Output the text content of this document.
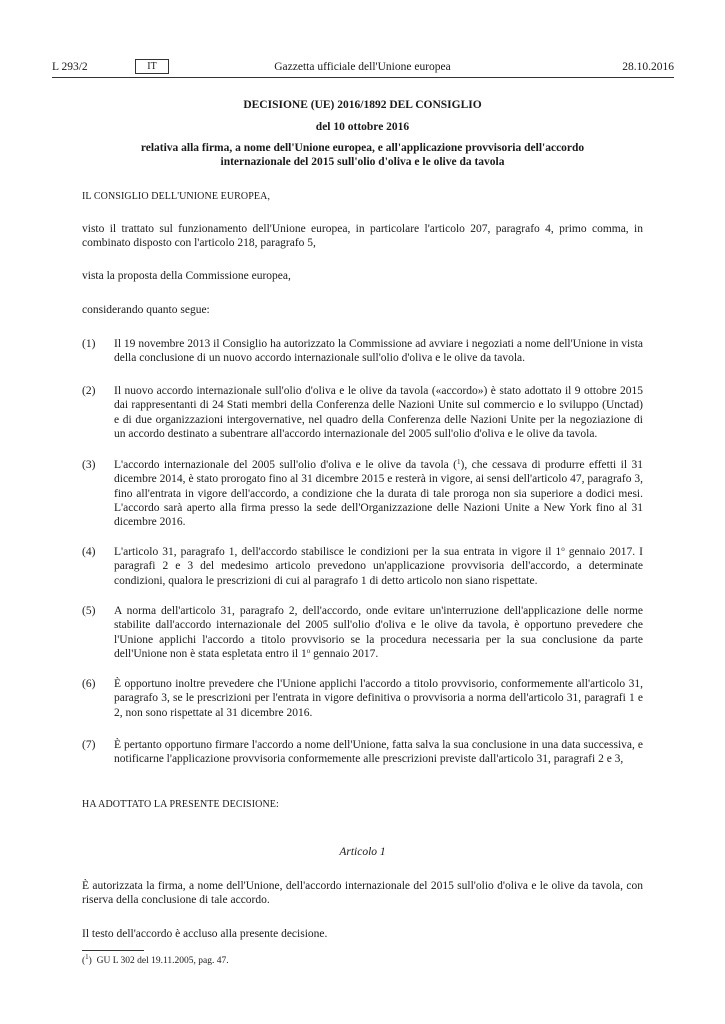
L 293/2	IT	Gazzetta ufficiale dell'Unione europea	28.10.2016
DECISIONE (UE) 2016/1892 DEL CONSIGLIO
del 10 ottobre 2016
relativa alla firma, a nome dell'Unione europea, e all'applicazione provvisoria dell'accordo
internazionale del 2015 sull'olio d'oliva e le olive da tavola
IL CONSIGLIO DELL'UNIONE EUROPEA,
visto il trattato sul funzionamento dell'Unione europea, in particolare l'articolo 207, paragrafo 4, primo comma, in combinato disposto con l'articolo 218, paragrafo 5,
vista la proposta della Commissione europea,
considerando quanto segue:
(1) Il 19 novembre 2013 il Consiglio ha autorizzato la Commissione ad avviare i negoziati a nome dell'Unione in vista della conclusione di un nuovo accordo internazionale sull'olio d'oliva e le olive da tavola.
(2) Il nuovo accordo internazionale sull'olio d'oliva e le olive da tavola («accordo») è stato adottato il 9 ottobre 2015 dai rappresentanti di 24 Stati membri della Conferenza delle Nazioni Unite sul commercio e lo sviluppo (Unctad) e di due organizzazioni intergovernative, nel quadro della Conferenza delle Nazioni Unite per la negoziazione di un accordo destinato a subentrare all'accordo internazionale del 2005 sull'olio d'oliva e le olive da tavola.
(3) L'accordo internazionale del 2005 sull'olio d'oliva e le olive da tavola ($^1$), che cessava di produrre effetti il 31 dicembre 2014, è stato prorogato fino al 31 dicembre 2015 e resterà in vigore, ai sensi dell'articolo 47, paragrafo 3, fino all'entrata in vigore dell'accordo, a condizione che la durata di tale proroga non sia superiore a dodici mesi. L'accordo sarà aperto alla firma presso la sede dell'Organizzazione delle Nazioni Unite a New York fino al 31 dicembre 2016.
(4) L'articolo 31, paragrafo 1, dell'accordo stabilisce le condizioni per la sua entrata in vigore il 1$^o$ gennaio 2017. I paragrafi 2 e 3 del medesimo articolo prevedono un'applicazione provvisoria dell'accordo, a determinate condizioni, qualora le prescrizioni di cui al paragrafo 1 di detto articolo non siano rispettate.
(5) A norma dell'articolo 31, paragrafo 2, dell'accordo, onde evitare un'interruzione dell'applicazione delle norme stabilite dall'accordo internazionale del 2005 sull'olio d'oliva e le olive da tavola, è opportuno prevedere che l'Unione applichi l'accordo a titolo provvisorio se la procedura necessaria per la sua conclusione da parte dell'Unione non è stata espletata entro il 1$^o$ gennaio 2017.
(6) È opportuno inoltre prevedere che l'Unione applichi l'accordo a titolo provvisorio, conformemente all'articolo 31, paragrafo 3, se le prescrizioni per l'entrata in vigore definitiva o provvisoria a norma dell'articolo 31, paragrafi 1 e 2, non sono rispettate al 31 dicembre 2016.
(7) È pertanto opportuno firmare l'accordo a nome dell'Unione, fatta salva la sua conclusione in una data successiva, e notificarne l'applicazione provvisoria conformemente alle prescrizioni previste dall'articolo 31, paragrafi 2 e 3,
HA ADOTTATO LA PRESENTE DECISIONE:
Articolo 1
È autorizzata la firma, a nome dell'Unione, dell'accordo internazionale del 2015 sull'olio d'oliva e le olive da tavola, con riserva della conclusione di tale accordo.
Il testo dell'accordo è accluso alla presente decisione.
($^1$)  GU L 302 del 19.11.2005, pag. 47.
